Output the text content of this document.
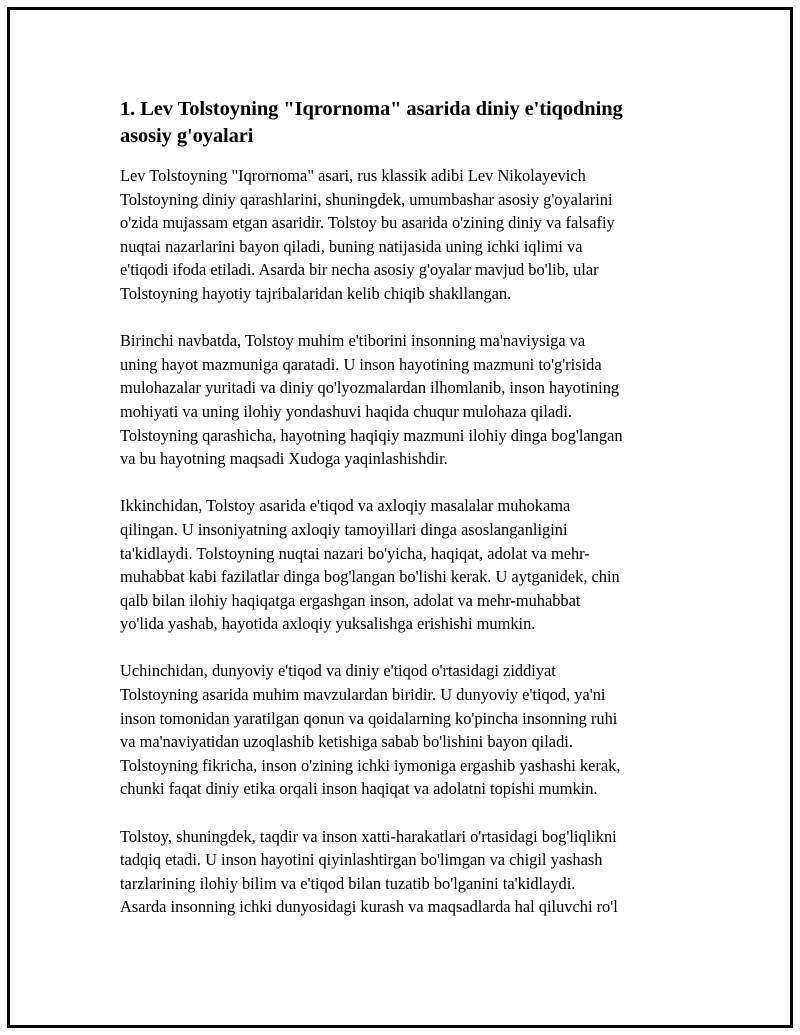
1. Lev Tolstoyning "Iqrornoma" asarida diniy e'tiqodning
asosiy g'oyalari

Lev Tolstoyning "Iqrornoma" asari, rus klassik adibi Lev Nikolayevich
Tolstoyning diniy qarashlarini, shuningdek, umumbashar asosiy g'oyalarini
o'zida mujassam etgan asaridir. Tolstoy bu asarida o'zining diniy va falsafiy
nuqtai nazarlarini bayon qiladi, buning natijasida uning ichki iqlimi va
e'tiqodi ifoda etiladi. Asarda bir necha asosiy g'oyalar mavjud bo'lib, ular
Tolstoyning hayotiy tajribalaridan kelib chiqib shakllangan.

Birinchi navbatda, Tolstoy muhim e'tiborini insonning ma'naviysiga va
uning hayot mazmuniga qaratadi. U inson hayotining mazmuni to'g'risida
mulohazalar yuritadi va diniy qo'lyozmalardan ilhomlanib, inson hayotining
mohiyati va uning ilohiy yondashuvi haqida chuqur mulohaza qiladi.
Tolstoyning qarashicha, hayotning haqiqiy mazmuni ilohiy dinga bog'langan
va bu hayotning maqsadi Xudoga yaqinlashishdir.

Ikkinchidan, Tolstoy asarida e'tiqod va axloqiy masalalar muhokama
qilingan. U insoniyatning axloqiy tamoyillari dinga asoslanganligini
ta'kidlaydi. Tolstoyning nuqtai nazari bo'yicha, haqiqat, adolat va mehr-
muhabbat kabi fazilatlar dinga bog'langan bo'lishi kerak. U aytganidek, chin
qalb bilan ilohiy haqiqatga ergashgan inson, adolat va mehr-muhabbat
yo'lida yashab, hayotida axloqiy yuksalishga erishishi mumkin.

Uchinchidan, dunyoviy e'tiqod va diniy e'tiqod o'rtasidagi ziddiyat
Tolstoyning asarida muhim mavzulardan biridir. U dunyoviy e'tiqod, ya'ni
inson tomonidan yaratilgan qonun va qoidalarning ko'pincha insonning ruhi
va ma'naviyatidan uzoqlashib ketishiga sabab bo'lishini bayon qiladi.
Tolstoyning fikricha, inson o'zining ichki iymoniga ergashib yashashi kerak,
chunki faqat diniy etika orqali inson haqiqat va adolatni topishi mumkin.

Tolstoy, shuningdek, taqdir va inson xatti-harakatlari o'rtasidagi bog'liqlikni
tadqiq etadi. U inson hayotini qiyinlashtirgan bo'limgan va chigil yashash
tarzlarining ilohiy bilim va e'tiqod bilan tuzatib bo'lganini ta'kidlaydi.
Asarda insonning ichki dunyosidagi kurash va maqsadlarda hal qiluvchi ro'l
